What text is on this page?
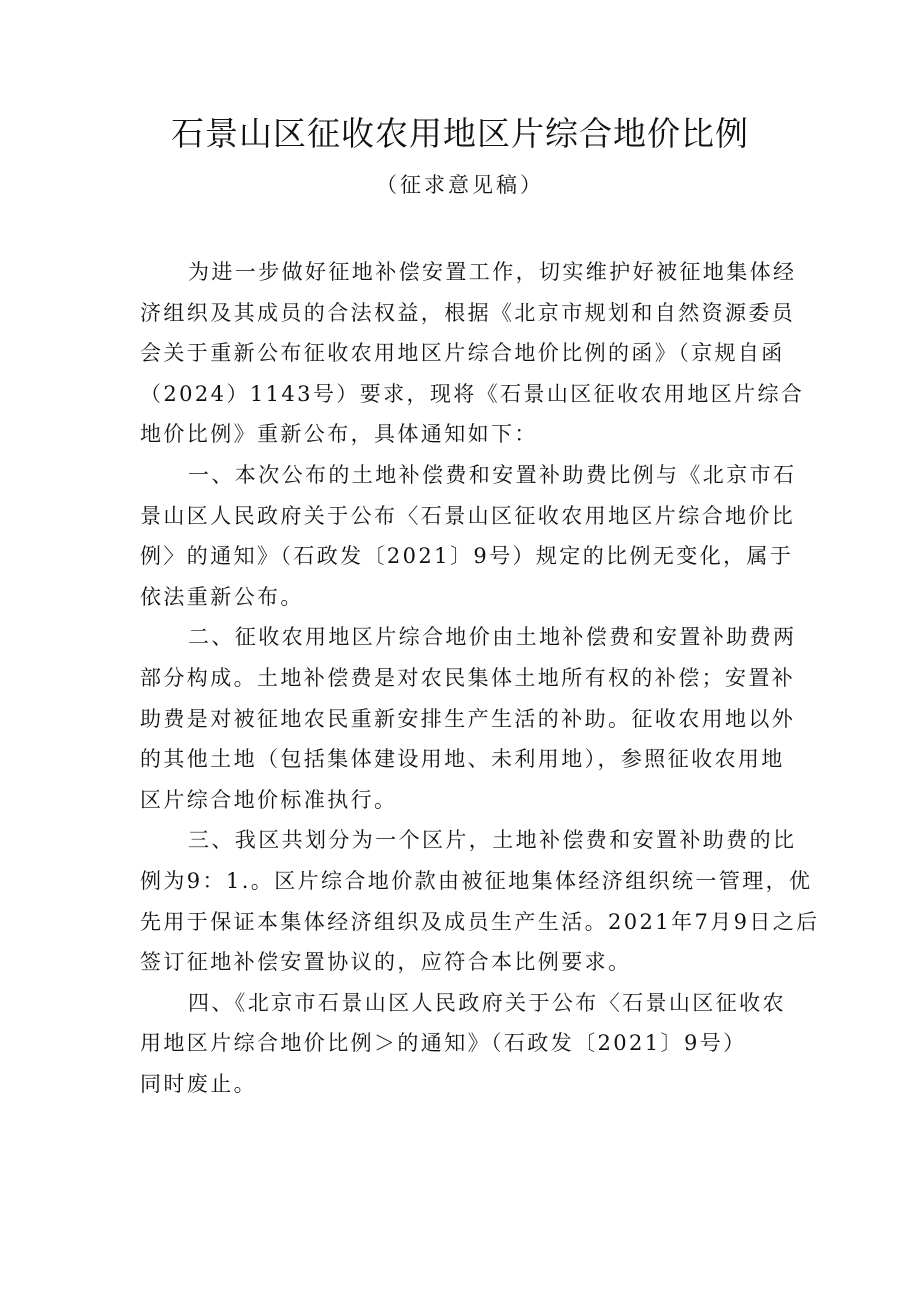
石景山区征收农用地区片综合地价比例
（征求意见稿）
为进一步做好征地补偿安置工作，切实维护好被征地集体经
济组织及其成员的合法权益，根据《北京市规划和自然资源委员
会关于重新公布征收农用地区片综合地价比例的函》（京规自函
（2024）1143号）要求，现将《石景山区征收农用地区片综合
地价比例》重新公布，具体通知如下：
一、本次公布的土地补偿费和安置补助费比例与《北京市石
景山区人民政府关于公布〈石景山区征收农用地区片综合地价比
例〉的通知》（石政发〔2021〕9号）规定的比例无变化，属于
依法重新公布。
二、征收农用地区片综合地价由土地补偿费和安置补助费两
部分构成。土地补偿费是对农民集体土地所有权的补偿；安置补
助费是对被征地农民重新安排生产生活的补助。征收农用地以外
的其他土地（包括集体建设用地、未利用地），参照征收农用地
区片综合地价标准执行。
三、我区共划分为一个区片，土地补偿费和安置补助费的比
例为9：1.。区片综合地价款由被征地集体经济组织统一管理，优
先用于保证本集体经济组织及成员生产生活。2021年7月9日之后
签订征地补偿安置协议的，应符合本比例要求。
四、《北京市石景山区人民政府关于公布〈石景山区征收农
用地区片综合地价比例＞的通知》（石政发〔2021〕9号）
同时废止。
